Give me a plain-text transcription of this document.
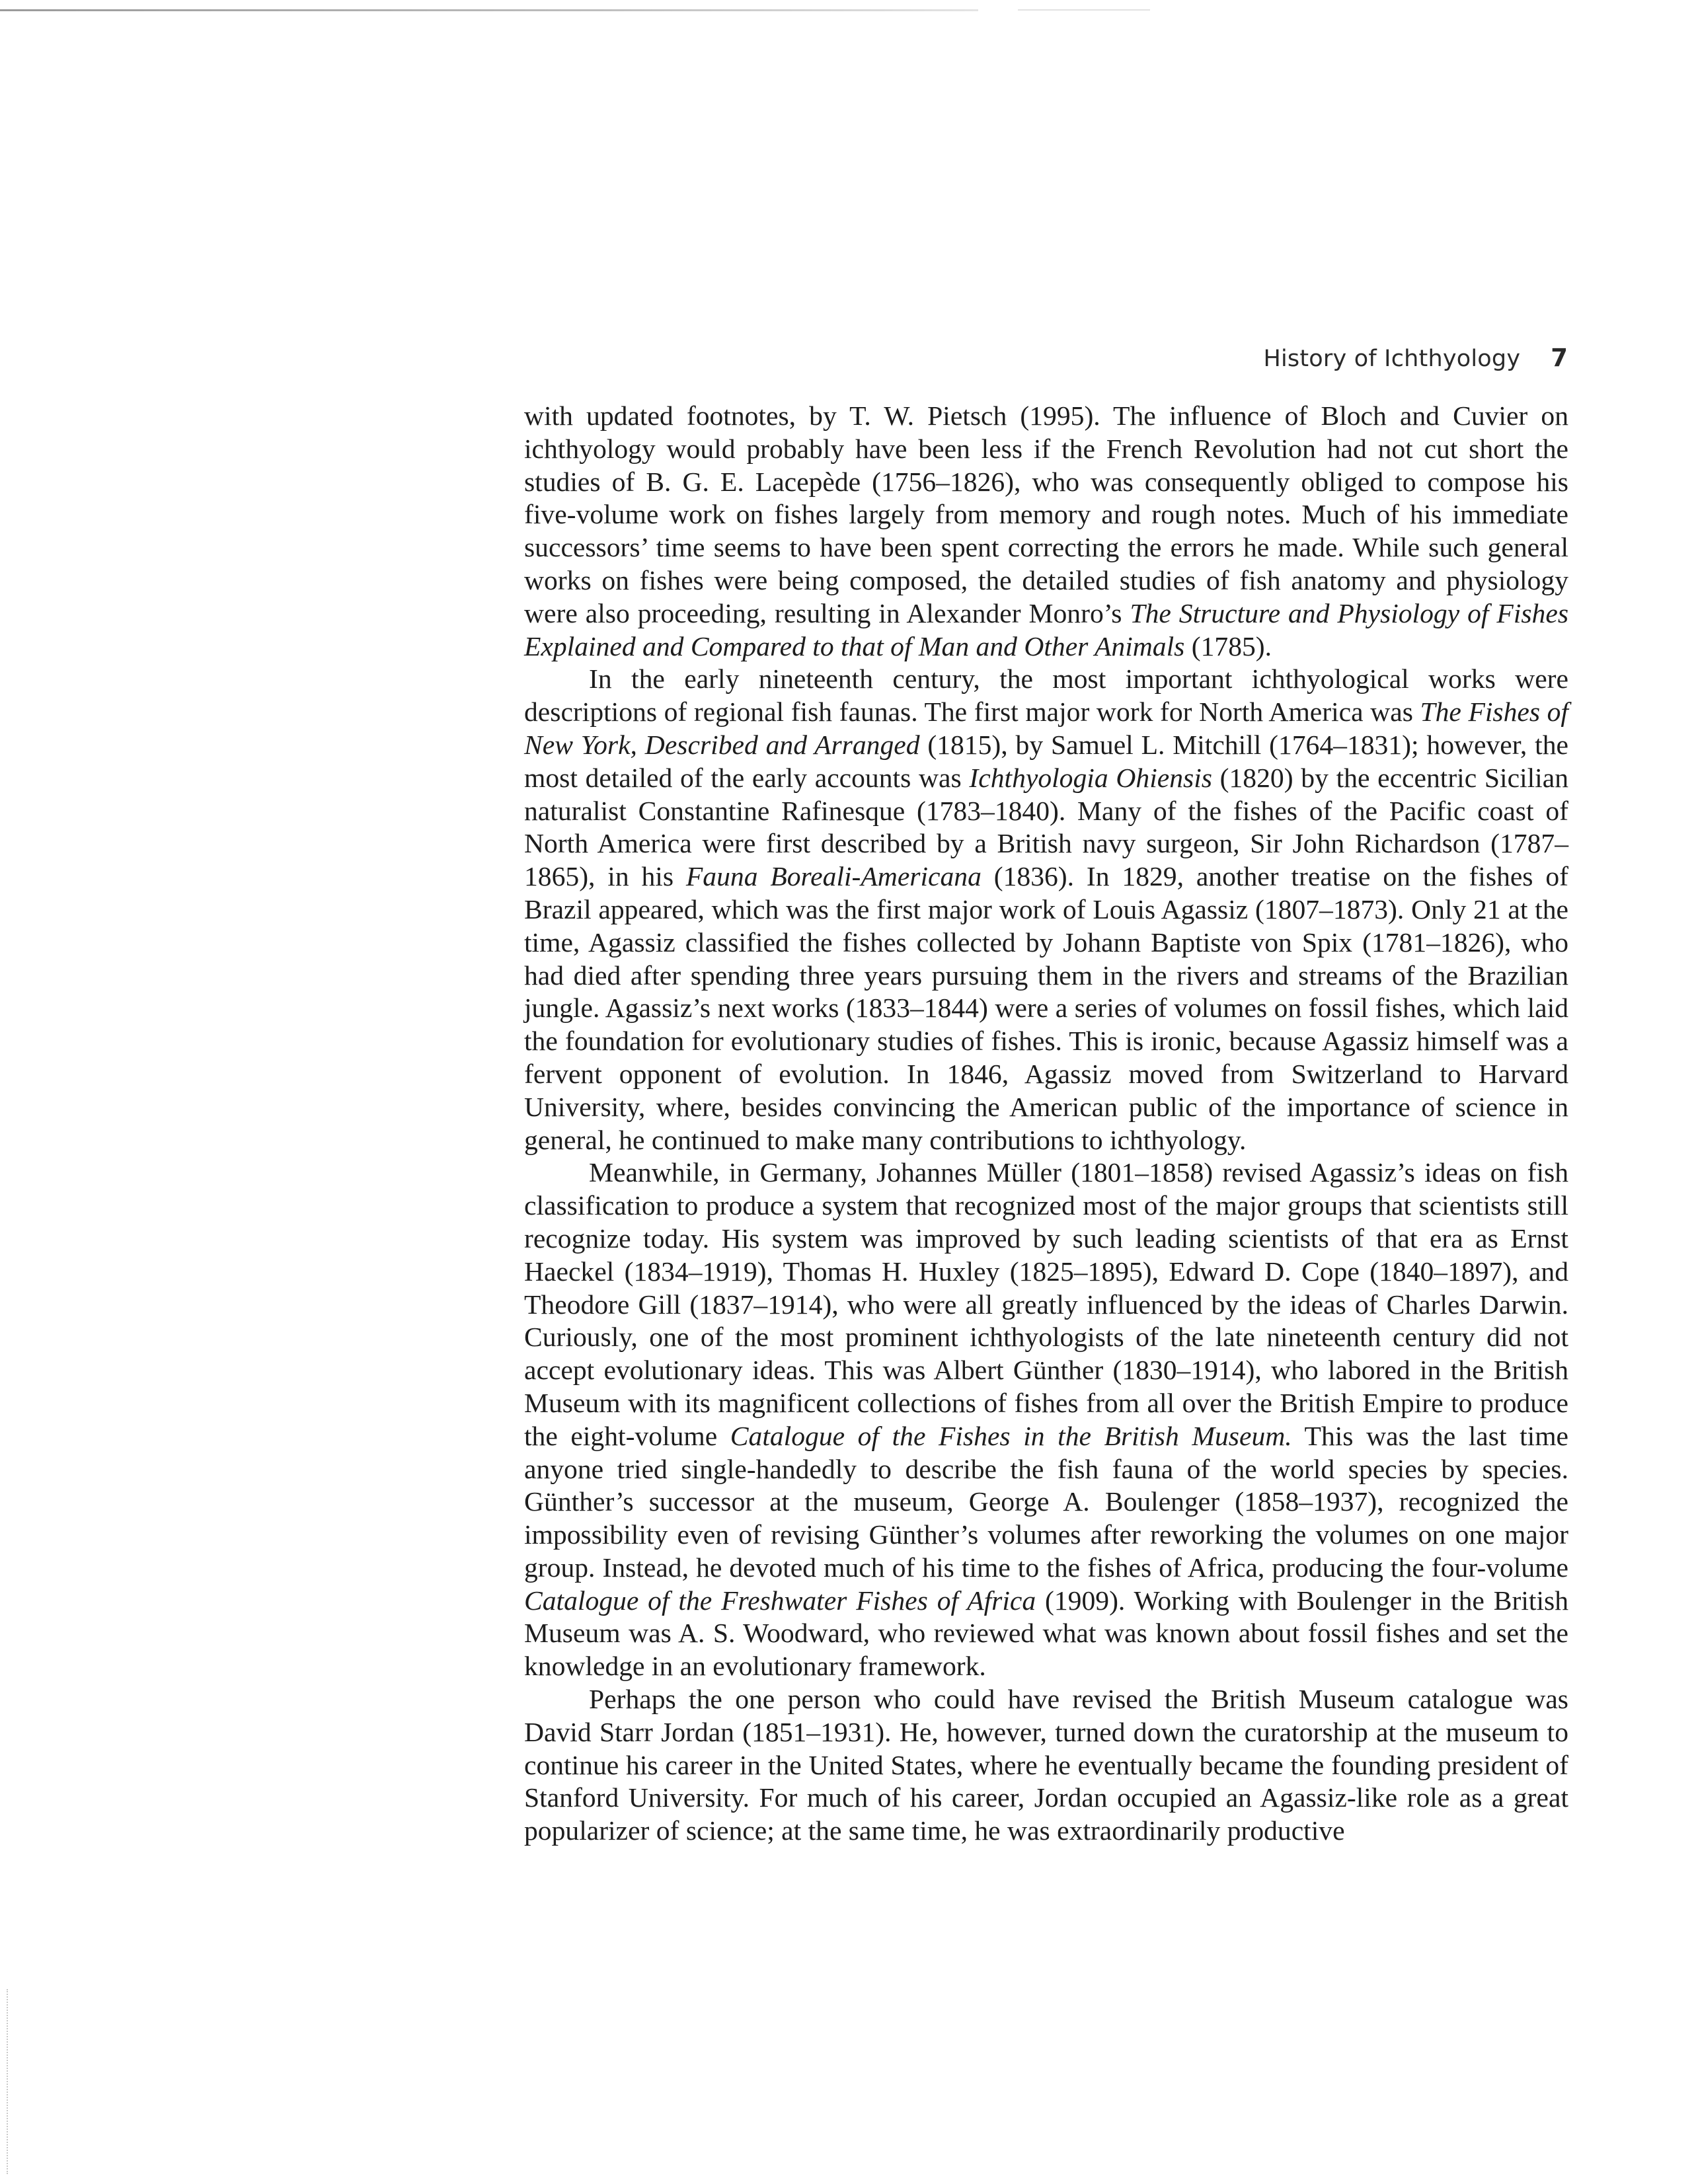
History of Ichthyology 7

with updated footnotes, by T. W. Pietsch (1995). The influence of Bloch and Cuvier on ichthyology would probably have been less if the French Revolution had not cut short the studies of B. G. E. Lacepède (1756–1826), who was consequently obliged to compose his five-volume work on fishes largely from memory and rough notes. Much of his immediate successors’ time seems to have been spent correcting the errors he made. While such general works on fishes were being composed, the detailed studies of fish anatomy and physiology were also proceeding, resulting in Alexander Monro’s The Structure and Physiology of Fishes Explained and Compared to that of Man and Other Animals (1785).

In the early nineteenth century, the most important ichthyological works were descriptions of regional fish faunas. The first major work for North America was The Fishes of New York, Described and Arranged (1815), by Samuel L. Mitchill (1764–1831); however, the most detailed of the early accounts was Ichthyologia Ohiensis (1820) by the eccentric Sicilian naturalist Constantine Rafinesque (1783–1840). Many of the fishes of the Pacific coast of North America were first described by a British navy surgeon, Sir John Richardson (1787–1865), in his Fauna Boreali-Americana (1836). In 1829, another treatise on the fishes of Brazil appeared, which was the first major work of Louis Agassiz (1807–1873). Only 21 at the time, Agassiz classified the fishes collected by Johann Baptiste von Spix (1781–1826), who had died after spending three years pursuing them in the rivers and streams of the Brazilian jungle. Agassiz’s next works (1833–1844) were a series of volumes on fossil fishes, which laid the foundation for evolutionary studies of fishes. This is ironic, because Agassiz himself was a fervent opponent of evolution. In 1846, Agassiz moved from Switzerland to Harvard University, where, besides convincing the American public of the importance of science in general, he continued to make many contributions to ichthyology.

Meanwhile, in Germany, Johannes Müller (1801–1858) revised Agassiz’s ideas on fish classification to produce a system that recognized most of the major groups that scientists still recognize today. His system was improved by such leading scientists of that era as Ernst Haeckel (1834–1919), Thomas H. Huxley (1825–1895), Edward D. Cope (1840–1897), and Theodore Gill (1837–1914), who were all greatly influenced by the ideas of Charles Darwin. Curiously, one of the most prominent ichthyologists of the late nineteenth century did not accept evolutionary ideas. This was Albert Günther (1830–1914), who labored in the British Museum with its magnificent collections of fishes from all over the British Empire to produce the eight-volume Catalogue of the Fishes in the British Museum. This was the last time anyone tried single-handedly to describe the fish fauna of the world species by species. Günther’s successor at the museum, George A. Boulenger (1858–1937), recognized the impossibility even of revising Günther’s volumes after reworking the volumes on one major group. Instead, he devoted much of his time to the fishes of Africa, producing the four-volume Catalogue of the Freshwater Fishes of Africa (1909). Working with Boulenger in the British Museum was A. S. Woodward, who reviewed what was known about fossil fishes and set the knowledge in an evolutionary framework.

Perhaps the one person who could have revised the British Museum catalogue was David Starr Jordan (1851–1931). He, however, turned down the curatorship at the museum to continue his career in the United States, where he eventually became the founding president of Stanford University. For much of his career, Jordan occupied an Agassiz-like role as a great popularizer of science; at the same time, he was extraordinarily productive
